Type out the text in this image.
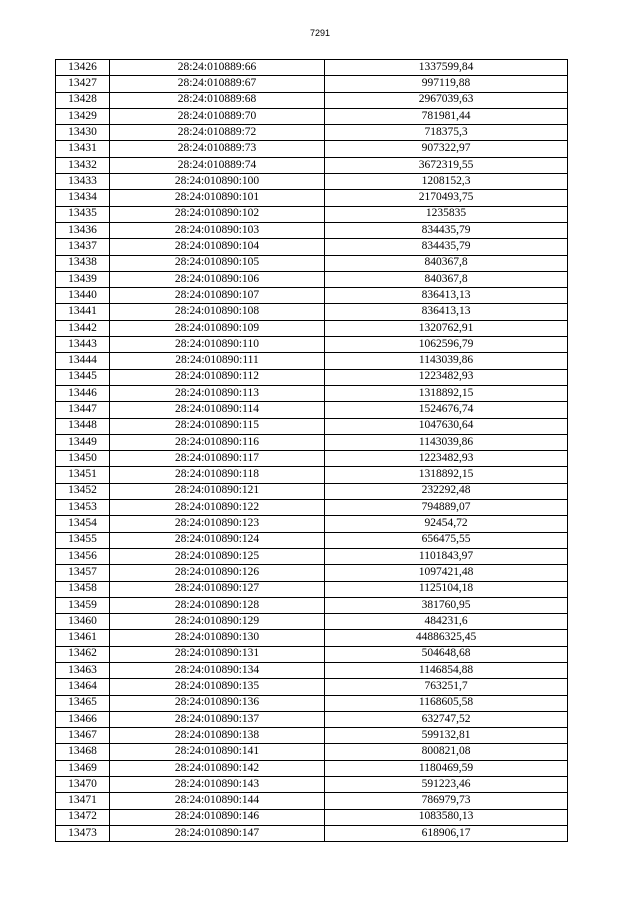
7291
13426	28:24:010889:66	1337599,84
13427	28:24:010889:67	997119,88
13428	28:24:010889:68	2967039,63
13429	28:24:010889:70	781981,44
13430	28:24:010889:72	718375,3
13431	28:24:010889:73	907322,97
13432	28:24:010889:74	3672319,55
13433	28:24:010890:100	1208152,3
13434	28:24:010890:101	2170493,75
13435	28:24:010890:102	1235835
13436	28:24:010890:103	834435,79
13437	28:24:010890:104	834435,79
13438	28:24:010890:105	840367,8
13439	28:24:010890:106	840367,8
13440	28:24:010890:107	836413,13
13441	28:24:010890:108	836413,13
13442	28:24:010890:109	1320762,91
13443	28:24:010890:110	1062596,79
13444	28:24:010890:111	1143039,86
13445	28:24:010890:112	1223482,93
13446	28:24:010890:113	1318892,15
13447	28:24:010890:114	1524676,74
13448	28:24:010890:115	1047630,64
13449	28:24:010890:116	1143039,86
13450	28:24:010890:117	1223482,93
13451	28:24:010890:118	1318892,15
13452	28:24:010890:121	232292,48
13453	28:24:010890:122	794889,07
13454	28:24:010890:123	92454,72
13455	28:24:010890:124	656475,55
13456	28:24:010890:125	1101843,97
13457	28:24:010890:126	1097421,48
13458	28:24:010890:127	1125104,18
13459	28:24:010890:128	381760,95
13460	28:24:010890:129	484231,6
13461	28:24:010890:130	44886325,45
13462	28:24:010890:131	504648,68
13463	28:24:010890:134	1146854,88
13464	28:24:010890:135	763251,7
13465	28:24:010890:136	1168605,58
13466	28:24:010890:137	632747,52
13467	28:24:010890:138	599132,81
13468	28:24:010890:141	800821,08
13469	28:24:010890:142	1180469,59
13470	28:24:010890:143	591223,46
13471	28:24:010890:144	786979,73
13472	28:24:010890:146	1083580,13
13473	28:24:010890:147	618906,17
